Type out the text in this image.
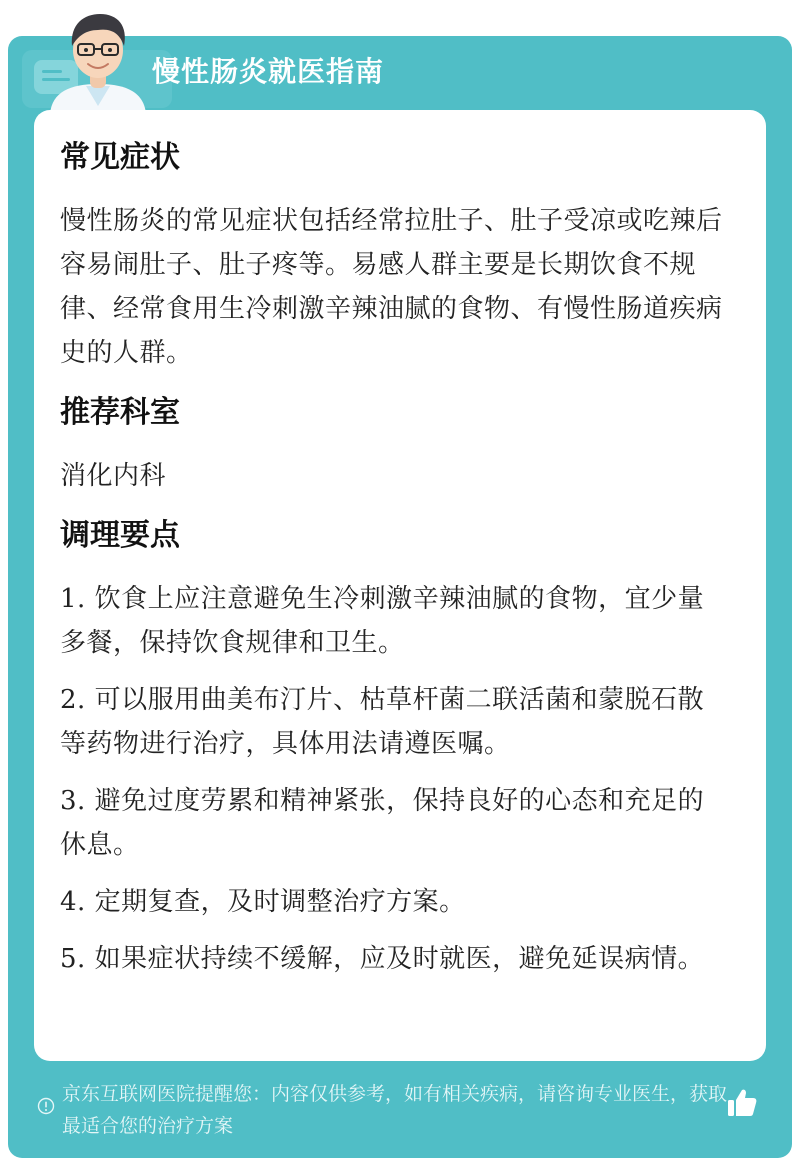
慢性肠炎就医指南
常见症状
慢性肠炎的常见症状包括经常拉肚子、肚子受凉或吃辣后容易闹肚子、肚子疼等。易感人群主要是长期饮食不规律、经常食用生冷刺激辛辣油腻的食物、有慢性肠道疾病史的人群。
推荐科室
消化内科
调理要点
1. 饮食上应注意避免生冷刺激辛辣油腻的食物，宜少量多餐，保持饮食规律和卫生。
2. 可以服用曲美布汀片、枯草杆菌二联活菌和蒙脱石散等药物进行治疗，具体用法请遵医嘱。
3. 避免过度劳累和精神紧张，保持良好的心态和充足的休息。
4. 定期复查，及时调整治疗方案。
5. 如果症状持续不缓解，应及时就医，避免延误病情。
京东互联网医院提醒您：内容仅供参考，如有相关疾病，请咨询专业医生，获取最适合您的治疗方案
